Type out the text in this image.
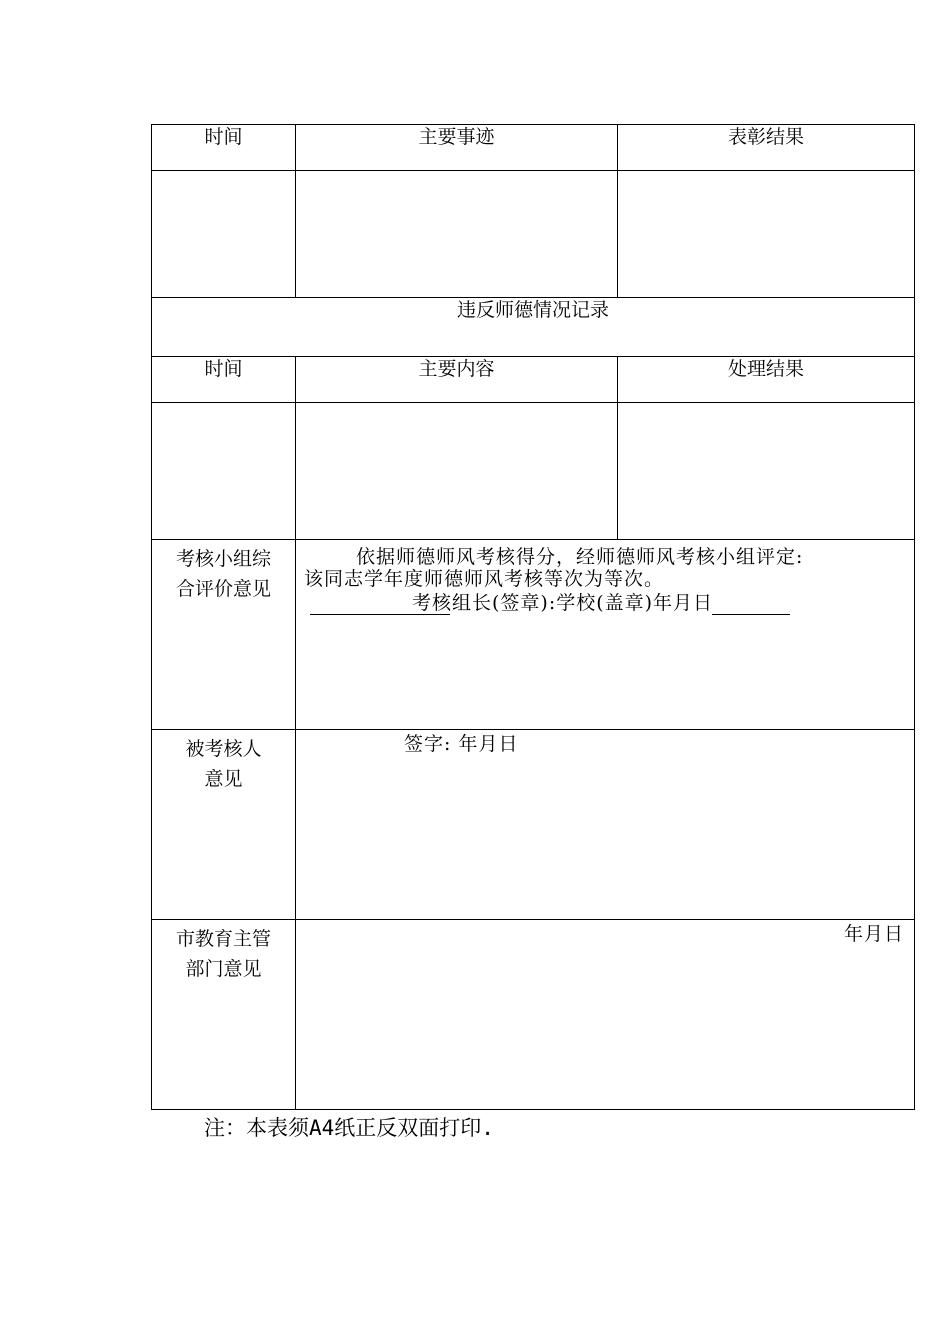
时间	主要事迹	表彰结果

违反师德情况记录		

时间	主要内容	处理结果

考核小组综
合评价意见	依据师德师风考核得分，经师德师风考核小组评定:
该同志学年度师德师风考核等次为等次。
考核组长(签章):学校(盖章)年月日	

被考核人
意见	签字: 年月日	

市教育主管
部门意见	年月日	
注：本表须A4纸正反双面打印.
